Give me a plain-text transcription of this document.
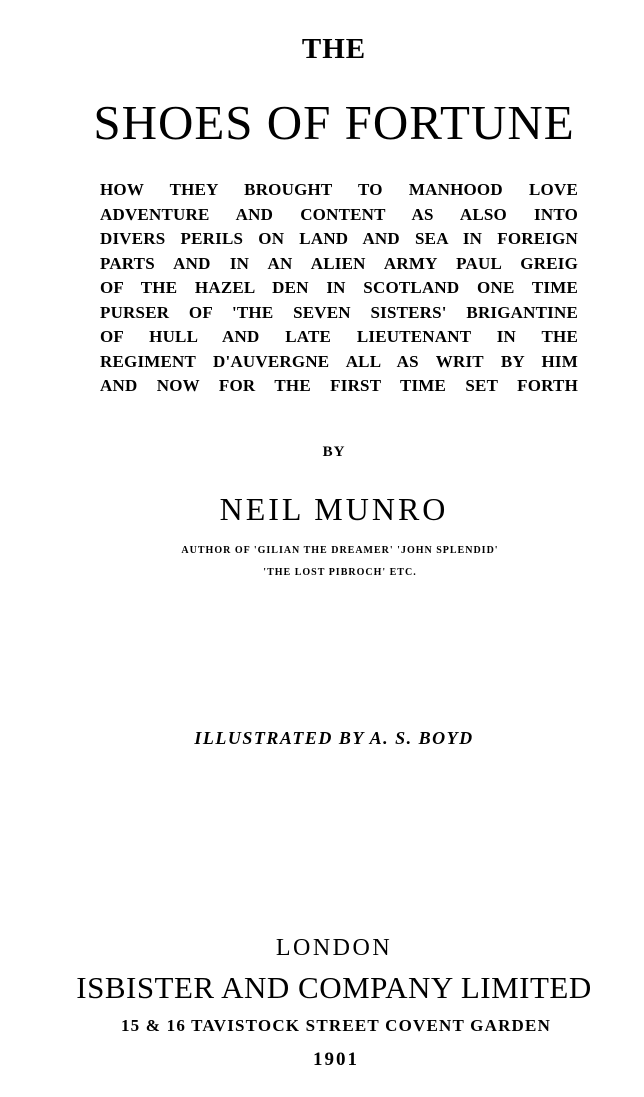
THE
SHOES OF FORTUNE
HOW THEY BROUGHT TO MANHOOD LOVE
ADVENTURE AND CONTENT AS ALSO INTO
DIVERS PERILS ON LAND AND SEA IN FOREIGN
PARTS AND IN AN ALIEN ARMY PAUL GREIG
OF THE HAZEL DEN IN SCOTLAND ONE TIME
PURSER OF 'THE SEVEN SISTERS' BRIGANTINE
OF HULL AND LATE LIEUTENANT IN THE
REGIMENT D'AUVERGNE ALL AS WRIT BY HIM
AND NOW FOR THE FIRST TIME SET FORTH
BY
NEIL MUNRO
AUTHOR OF 'GILIAN THE DREAMER' 'JOHN SPLENDID'
'THE LOST PIBROCH' ETC.
ILLUSTRATED BY A. S. BOYD
LONDON
ISBISTER AND COMPANY LIMITED
15 & 16 TAVISTOCK STREET COVENT GARDEN
1901
